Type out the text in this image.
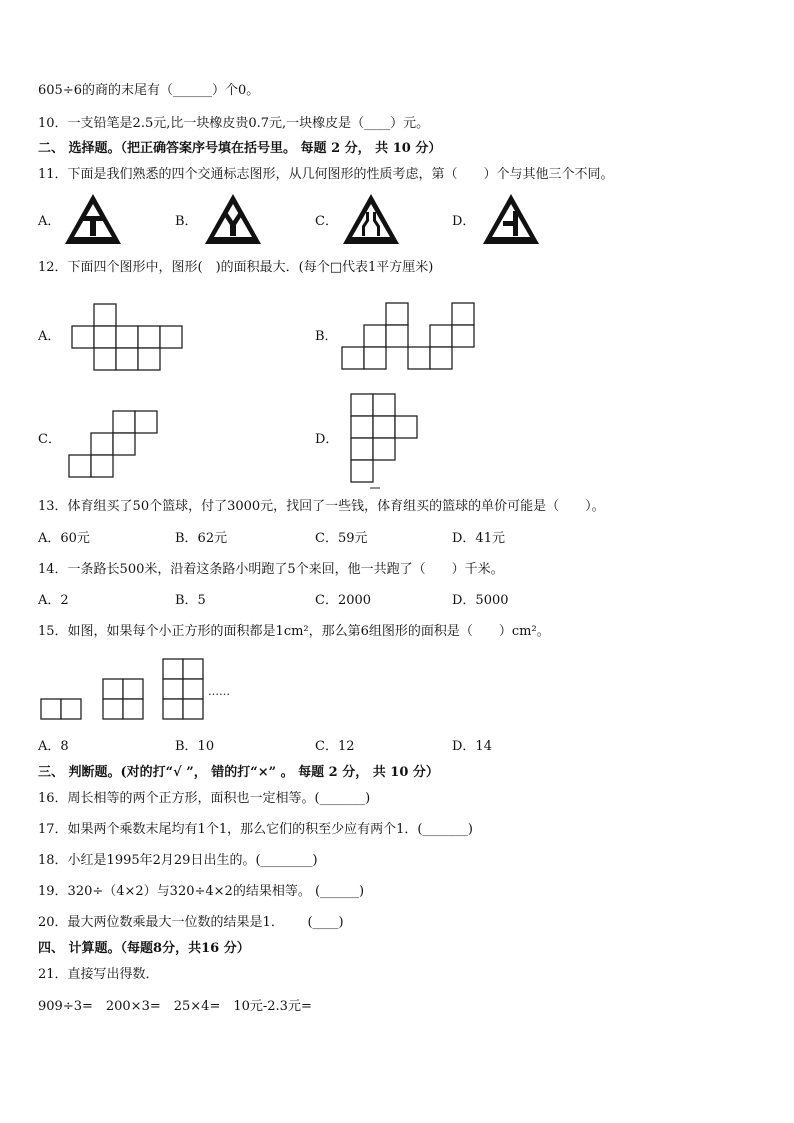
605÷6的商的末尾有（______）个0。
10．一支铅笔是2.5元,比一块橡皮贵0.7元,一块橡皮是（____）元。
二、 选择题。（把正确答案序号填在括号里。 每题 2 分， 共 10 分）
11．下面是我们熟悉的四个交通标志图形，从几何图形的性质考虑，第（　　）个与其他三个不同。
A．	B．	C．	D．
12．下面四个图形中，图形(　)的面积最大．(每个□代表1平方厘米)
A．	B．
C．	D．
13．体育组买了50个篮球，付了3000元，找回了一些钱，体育组买的篮球的单价可能是（　　）。
A．60元	B．62元	C．59元	D．41元
14．一条路长500米，沿着这条路小明跑了5个来回，他一共跑了（　　）千米。
A．2	B．5	C．2000	D．5000
15．如图，如果每个小正方形的面积都是1cm²，那么第6组图形的面积是（　　）cm²。
……
A．8	B．10	C．12	D．14
三、 判断题。(对的打“√ ”， 错的打“×” 。 每题 2 分， 共 10 分）
16．周长相等的两个正方形，面积也一定相等。(_______)
17．如果两个乘数末尾均有1个1，那么它们的积至少应有两个1．(_______)
18．小红是1995年2月29日出生的。(________)
19．320÷（4×2）与320÷4×2的结果相等。 (______)
20．最大两位数乘最大一位数的结果是1．　　 (____)
四、 计算题。（每题8分，共16 分）
21．直接写出得数．
909÷3=　200×3=　25×4=　10元-2.3元=
